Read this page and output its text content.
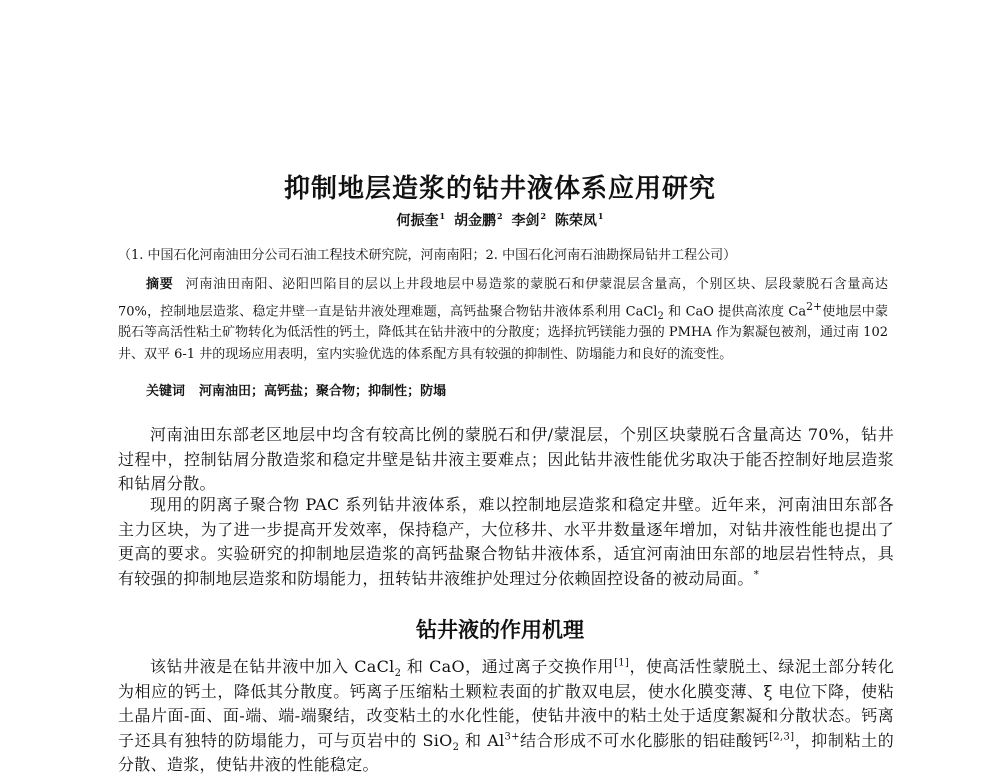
抑制地层造浆的钻井液体系应用研究
何振奎$^1$ 胡金鹏$^2$ 李剑$^2$ 陈荣凤$^1$
（1. 中国石化河南油田分公司石油工程技术研究院，河南南阳；2. 中国石化河南石油勘探局钻井工程公司）
摘要 河南油田南阳、泌阳凹陷目的层以上井段地层中易造浆的蒙脱石和伊蒙混层含量高，个别区块、层段蒙脱石含量高达 70%，控制地层造浆、稳定井壁一直是钻井液处理难题，高钙盐聚合物钻井液体系利用 CaCl$_2$ 和 CaO 提供高浓度 $Ca^{2+}$使地层中蒙脱石等高活性粘土矿物转化为低活性的钙土，降低其在钻井液中的分散度；选择抗钙镁能力强的 PMHA 作为絮凝包被剂，通过南 102 井、双平 6-1 井的现场应用表明，室内实验优选的体系配方具有较强的抑制性、防塌能力和良好的流变性。
关键词 河南油田；高钙盐；聚合物；抑制性；防塌
河南油田东部老区地层中均含有较高比例的蒙脱石和伊/蒙混层，个别区块蒙脱石含量高达 70%，钻井过程中，控制钻屑分散造浆和稳定井壁是钻井液主要难点；因此钻井液性能优劣取决于能否控制好地层造浆和钻屑分散。
现用的阴离子聚合物 PAC 系列钻井液体系，难以控制地层造浆和稳定井壁。近年来，河南油田东部各主力区块，为了进一步提高开发效率，保持稳产，大位移井、水平井数量逐年增加，对钻井液性能也提出了更高的要求。实验研究的抑制地层造浆的高钙盐聚合物钻井液体系，适宜河南油田东部的地层岩性特点，具有较强的抑制地层造浆和防塌能力，扭转钻井液维护处理过分依赖固控设备的被动局面。*
钻井液的作用机理
该钻井液是在钻井液中加入 CaCl$_2$ 和 CaO，通过离子交换作用[1]，使高活性蒙脱土、绿泥土部分转化为相应的钙土，降低其分散度。钙离子压缩粘土颗粒表面的扩散双电层，使水化膜变薄、ξ 电位下降，使粘土晶片面-面、面-端、端-端聚结，改变粘土的水化性能，使钻井液中的粘土处于适度絮凝和分散状态。钙离子还具有独特的防塌能力，可与页岩中的 SiO$_2$ 和 Al$^{3+}$结合形成不可水化膨胀的铝硅酸钙[2,3]，抑制粘土的分散、造浆，使钻井液的性能稳定。
